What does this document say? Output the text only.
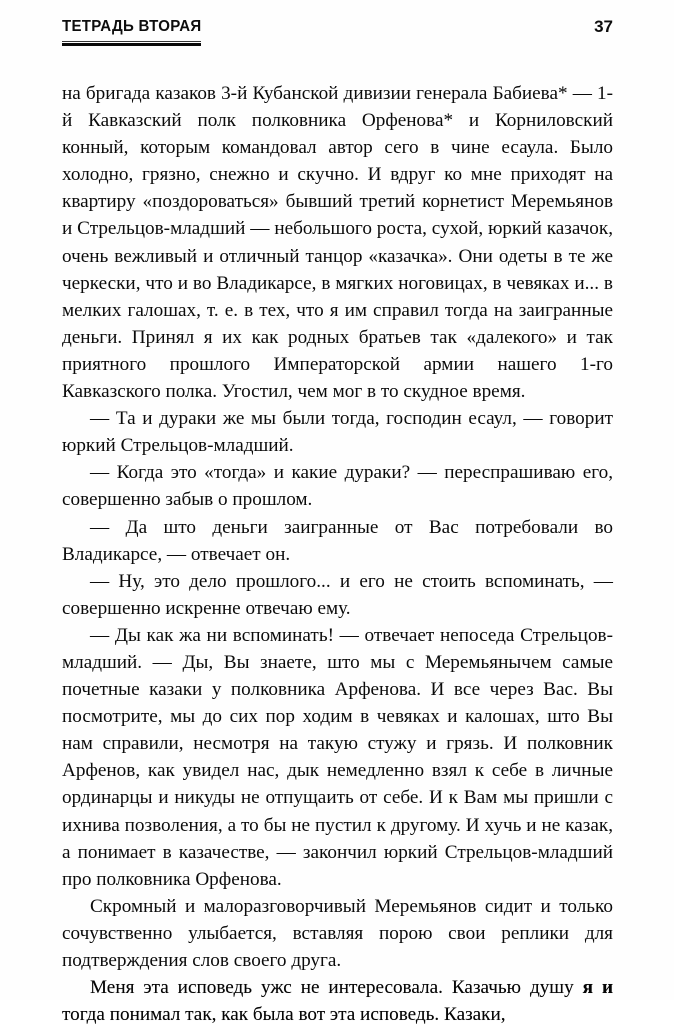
ТЕТРАДЬ ВТОРАЯ	37

на бригада казаков 3-й Кубанской дивизии генерала Бабиева* — 1-й Кавказский полк полковника Орфенова* и Корниловский конный, которым командовал автор сего в чине есаула. Было холодно, грязно, снежно и скучно. И вдруг ко мне приходят на квартиру «поздороваться» бывший третий корнетист Меремьянов и Стрельцов-младший — небольшого роста, сухой, юркий казачок, очень вежливый и отличный танцор «казачка». Они одеты в те же черкески, что и во Владикарсе, в мягких ноговицах, в чевяках и... в мелких галошах, т. е. в тех, что я им справил тогда на заигранные деньги. Принял я их как родных братьев так «далекого» и так приятного прошлого Императорской армии нашего 1-го Кавказского полка. Угостил, чем мог в то скудное время.

— Та и дураки же мы были тогда, господин есаул, — говорит юркий Стрельцов-младший.

— Когда это «тогда» и какие дураки? — переспрашиваю его, совершенно забыв о прошлом.

— Да што деньги заигранные от Вас потребовали во Владикарсе, — отвечает он.

— Ну, это дело прошлого... и его не стоить вспоминать, — совершенно искренне отвечаю ему.

— Ды как жа ни вспоминать! — отвечает непоседа Стрельцов-младший. — Ды, Вы знаете, што мы с Меремьянычем самые почетные казаки у полковника Арфенова. И все через Вас. Вы посмотрите, мы до сих пор ходим в чевяках и калошах, што Вы нам справили, несмотря на такую стужу и грязь. И полковник Арфенов, как увидел нас, дык немедленно взял к себе в личные ординарцы и никуды не отпущаить от себе. И к Вам мы пришли с ихнива позволения, а то бы не пустил к другому. И хучь и не казак, а понимает в казачестве, — закончил юркий Стрельцов-младший про полковника Орфенова.

Скромный и малоразговорчивый Меремьянов сидит и только сочувственно улыбается, вставляя порою свои реплики для подтверждения слов своего друга.

Меня эта исповедь ужс не интересовала. Казачью душу я и тогда понимал так, как была вот эта исповедь. Казаки,
